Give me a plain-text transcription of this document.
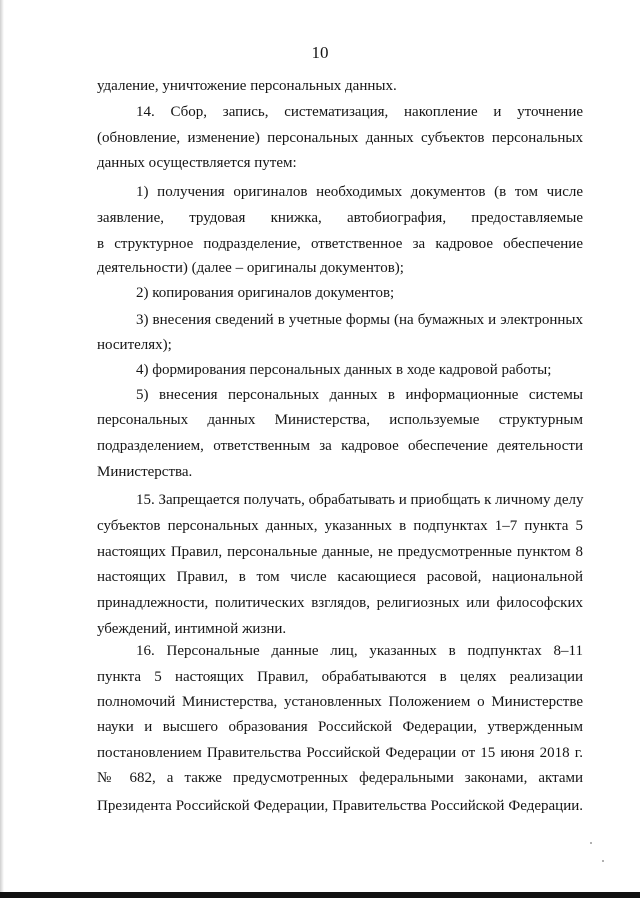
10
удаление, уничтожение персональных данных.
14. Сбор, запись, систематизация, накопление и уточнение
(обновление, изменение) персональных данных субъектов персональных
данных осуществляется путем:
1) получения оригиналов необходимых документов (в том числе
заявление, трудовая книжка, автобиография, предоставляемые
в структурное подразделение, ответственное за кадровое обеспечение
деятельности) (далее – оригиналы документов);
2) копирования оригиналов документов;
3) внесения сведений в учетные формы (на бумажных и электронных
носителях);
4) формирования персональных данных в ходе кадровой работы;
5) внесения персональных данных в информационные системы
персональных данных Министерства, используемые структурным
подразделением, ответственным за кадровое обеспечение деятельности
Министерства.
15. Запрещается получать, обрабатывать и приобщать к личному делу
субъектов персональных данных, указанных в подпунктах 1–7 пункта 5
настоящих Правил, персональные данные, не предусмотренные пунктом 8
настоящих Правил, в том числе касающиеся расовой, национальной
принадлежности, политических взглядов, религиозных или философских
убеждений, интимной жизни.
16. Персональные данные лиц, указанных в подпунктах 8–11
пункта 5 настоящих Правил, обрабатываются в целях реализации
полномочий Министерства, установленных Положением о Министерстве
науки и высшего образования Российской Федерации, утвержденным
постановлением Правительства Российской Федерации от 15 июня 2018 г.
№ 682, а также предусмотренных федеральными законами, актами
Президента Российской Федерации, Правительства Российской Федерации.
